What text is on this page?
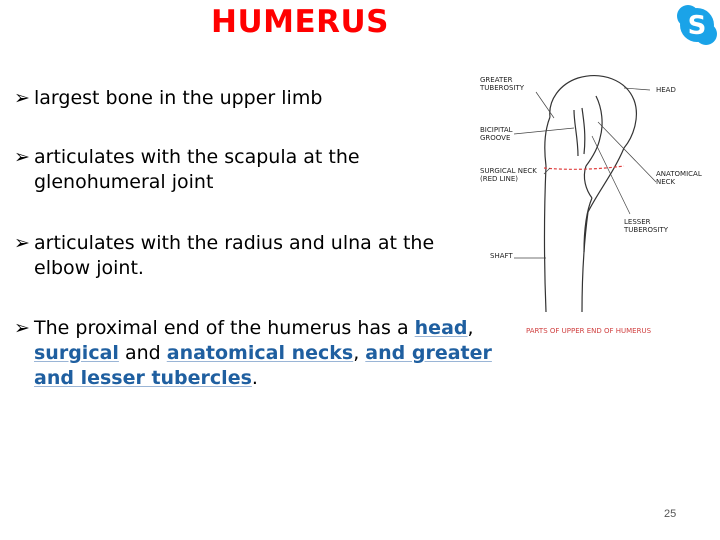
HUMERUS	S
➢ largest bone in the upper limb
➢ articulates with the scapula at the
glenohumeral joint
➢ articulates with the radius and ulna at the
elbow joint.
➢ The proximal end of the humerus has a head,
surgical and anatomical necks, and greater
and lesser tubercles.
GREATER
TUBEROSITY	HEAD
BICIPITAL
GROOVE
SURGICAL NECK
(RED LINE)
ANATOMICAL
NECK
LESSER
TUBEROSITY
SHAFT
PARTS OF UPPER END OF HUMERUS
25
